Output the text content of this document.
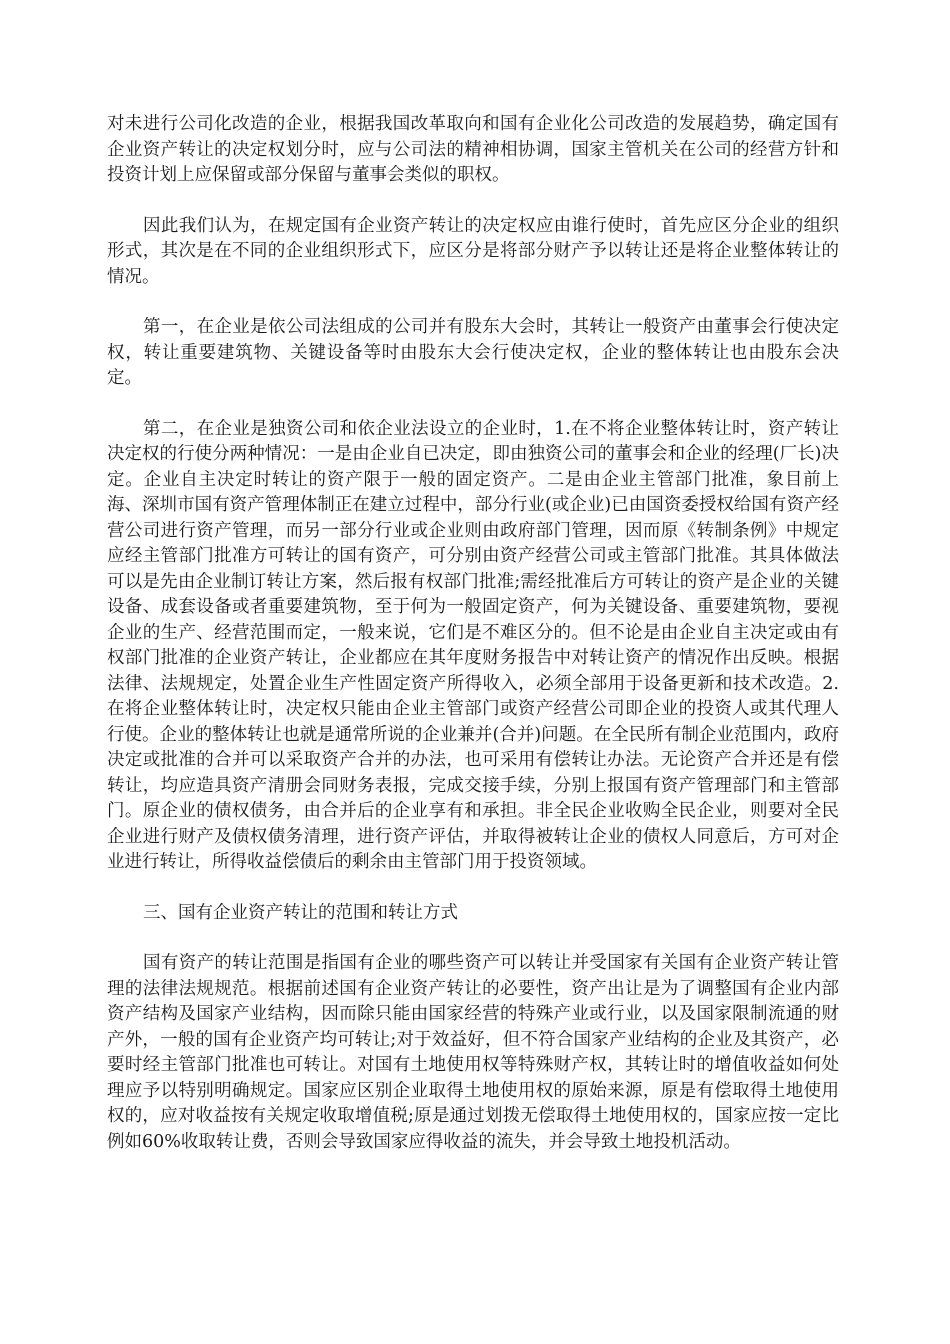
对未进行公司化改造的企业，根据我国改革取向和国有企业化公司改造的发展趋势，确定国有企业资产转让的决定权划分时，应与公司法的精神相协调，国家主管机关在公司的经营方针和投资计划上应保留或部分保留与董事会类似的职权。

因此我们认为，在规定国有企业资产转让的决定权应由谁行使时，首先应区分企业的组织形式，其次是在不同的企业组织形式下，应区分是将部分财产予以转让还是将企业整体转让的情况。

第一，在企业是依公司法组成的公司并有股东大会时，其转让一般资产由董事会行使决定权，转让重要建筑物、关键设备等时由股东大会行使决定权，企业的整体转让也由股东会决定。

第二，在企业是独资公司和依企业法设立的企业时，1.在不将企业整体转让时，资产转让决定权的行使分两种情况：一是由企业自已决定，即由独资公司的董事会和企业的经理(厂长)决定。企业自主决定时转让的资产限于一般的固定资产。二是由企业主管部门批准，象目前上海、深圳市国有资产管理体制正在建立过程中，部分行业(或企业)已由国资委授权给国有资产经营公司进行资产管理，而另一部分行业或企业则由政府部门管理，因而原《转制条例》中规定应经主管部门批准方可转让的国有资产，可分别由资产经营公司或主管部门批准。其具体做法可以是先由企业制订转让方案，然后报有权部门批准;需经批准后方可转让的资产是企业的关键设备、成套设备或者重要建筑物，至于何为一般固定资产，何为关键设备、重要建筑物，要视企业的生产、经营范围而定，一般来说，它们是不难区分的。但不论是由企业自主决定或由有权部门批准的企业资产转让，企业都应在其年度财务报告中对转让资产的情况作出反映。根据法律、法规规定，处置企业生产性固定资产所得收入，必须全部用于设备更新和技术改造。2.在将企业整体转让时，决定权只能由企业主管部门或资产经营公司即企业的投资人或其代理人行使。企业的整体转让也就是通常所说的企业兼并(合并)问题。在全民所有制企业范围内，政府决定或批准的合并可以采取资产合并的办法，也可采用有偿转让办法。无论资产合并还是有偿转让，均应造具资产清册会同财务表报，完成交接手续，分别上报国有资产管理部门和主管部门。原企业的债权债务，由合并后的企业享有和承担。非全民企业收购全民企业，则要对全民企业进行财产及债权债务清理，进行资产评估，并取得被转让企业的债权人同意后，方可对企业进行转让，所得收益偿债后的剩余由主管部门用于投资领域。

三、国有企业资产转让的范围和转让方式

国有资产的转让范围是指国有企业的哪些资产可以转让并受国家有关国有企业资产转让管理的法律法规规范。根据前述国有企业资产转让的必要性，资产出让是为了调整国有企业内部资产结构及国家产业结构，因而除只能由国家经营的特殊产业或行业，以及国家限制流通的财产外，一般的国有企业资产均可转让;对于效益好，但不符合国家产业结构的企业及其资产，必要时经主管部门批准也可转让。对国有土地使用权等特殊财产权，其转让时的增值收益如何处理应予以特别明确规定。国家应区别企业取得土地使用权的原始来源，原是有偿取得土地使用权的，应对收益按有关规定收取增值税;原是通过划拨无偿取得土地使用权的，国家应按一定比例如60%收取转让费，否则会导致国家应得收益的流失，并会导致土地投机活动。
